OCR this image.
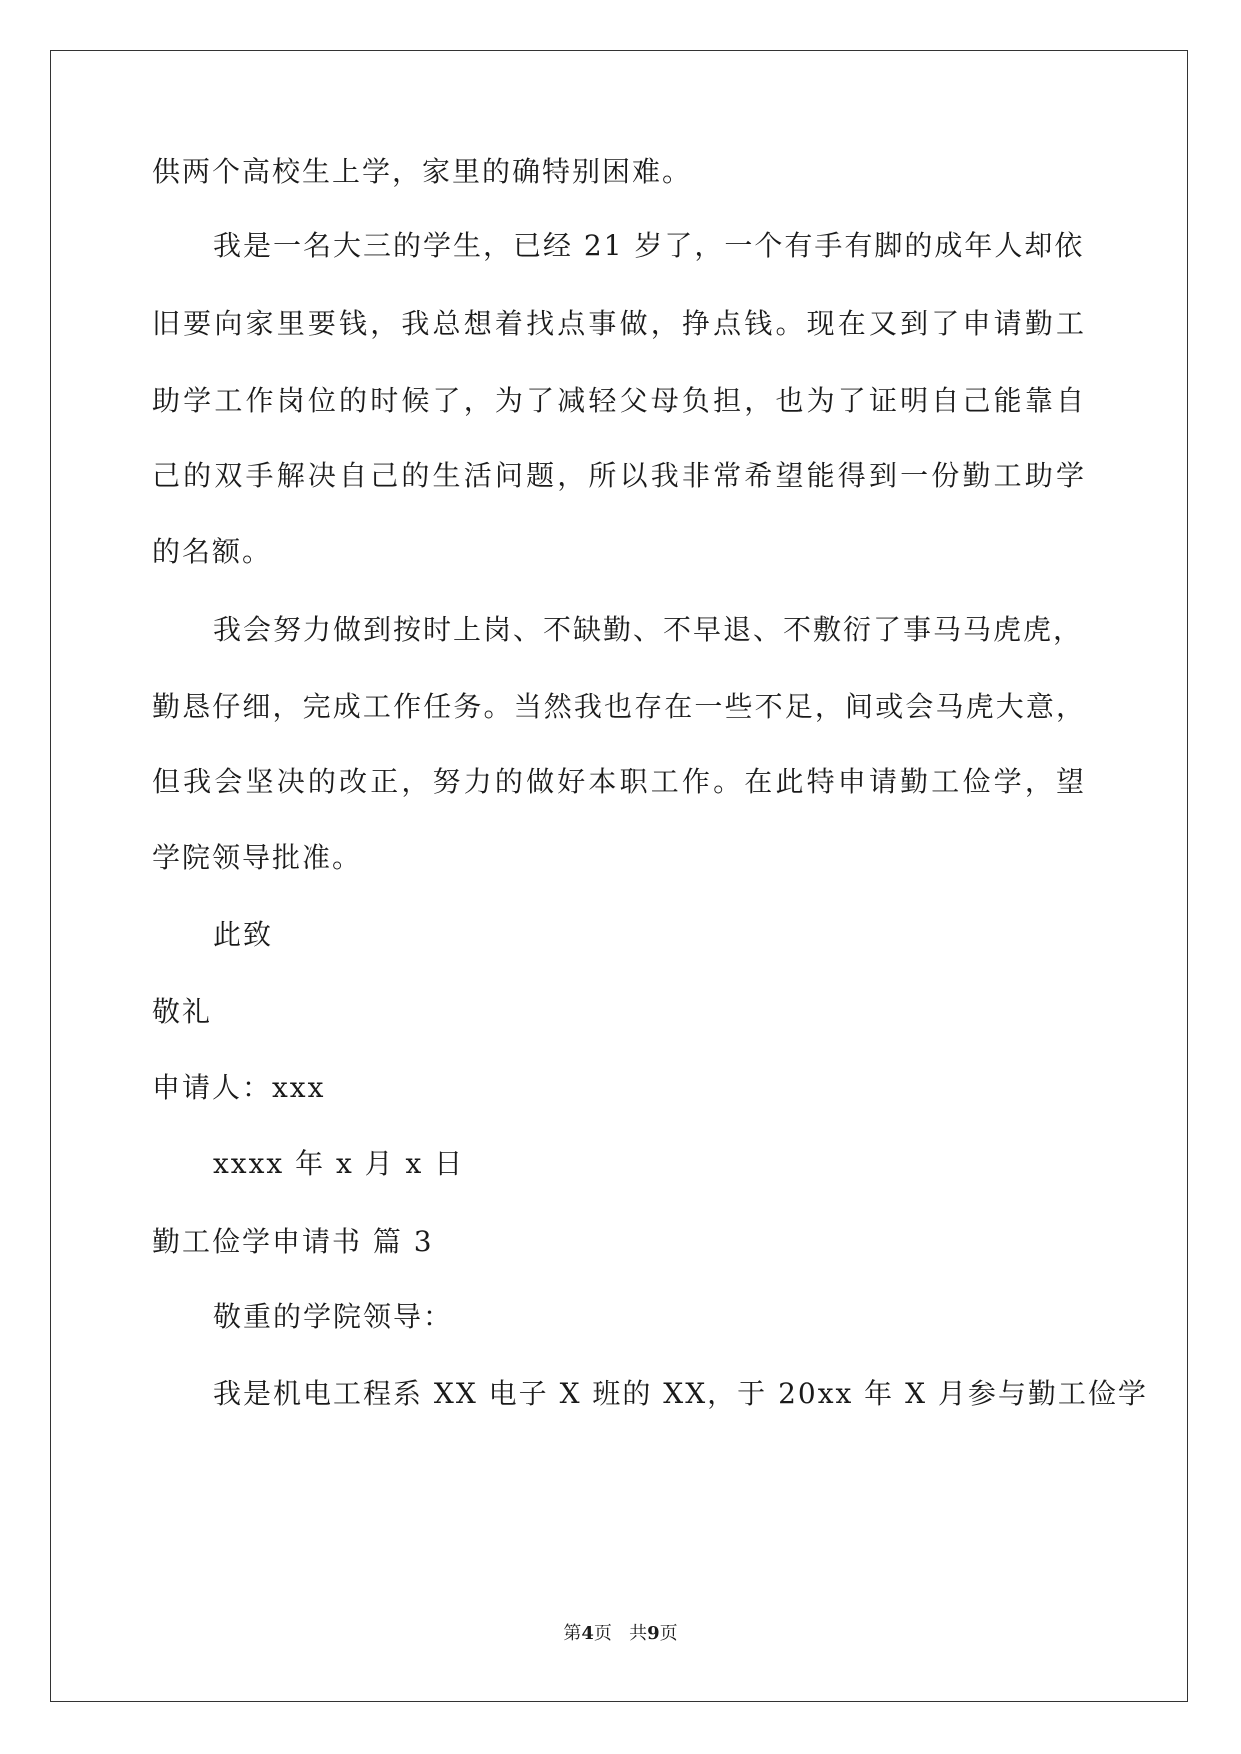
供两个高校生上学，家里的确特别困难。
我是一名大三的学生，已经 21 岁了，一个有手有脚的成年人却依
旧要向家里要钱，我总想着找点事做，挣点钱。现在又到了申请勤工
助学工作岗位的时候了，为了减轻父母负担，也为了证明自己能靠自
己的双手解决自己的生活问题，所以我非常希望能得到一份勤工助学
的名额。
我会努力做到按时上岗、不缺勤、不早退、不敷衍了事马马虎虎，
勤恳仔细，完成工作任务。当然我也存在一些不足，间或会马虎大意，
但我会坚决的改正，努力的做好本职工作。在此特申请勤工俭学，望
学院领导批准。
此致
敬礼
申请人：xxx
xxxx 年 x 月 x 日
勤工俭学申请书 篇 3
敬重的学院领导：
我是机电工程系 XX 电子 X 班的 XX，于 20xx 年 X 月参与勤工俭学
第4页   共9页
